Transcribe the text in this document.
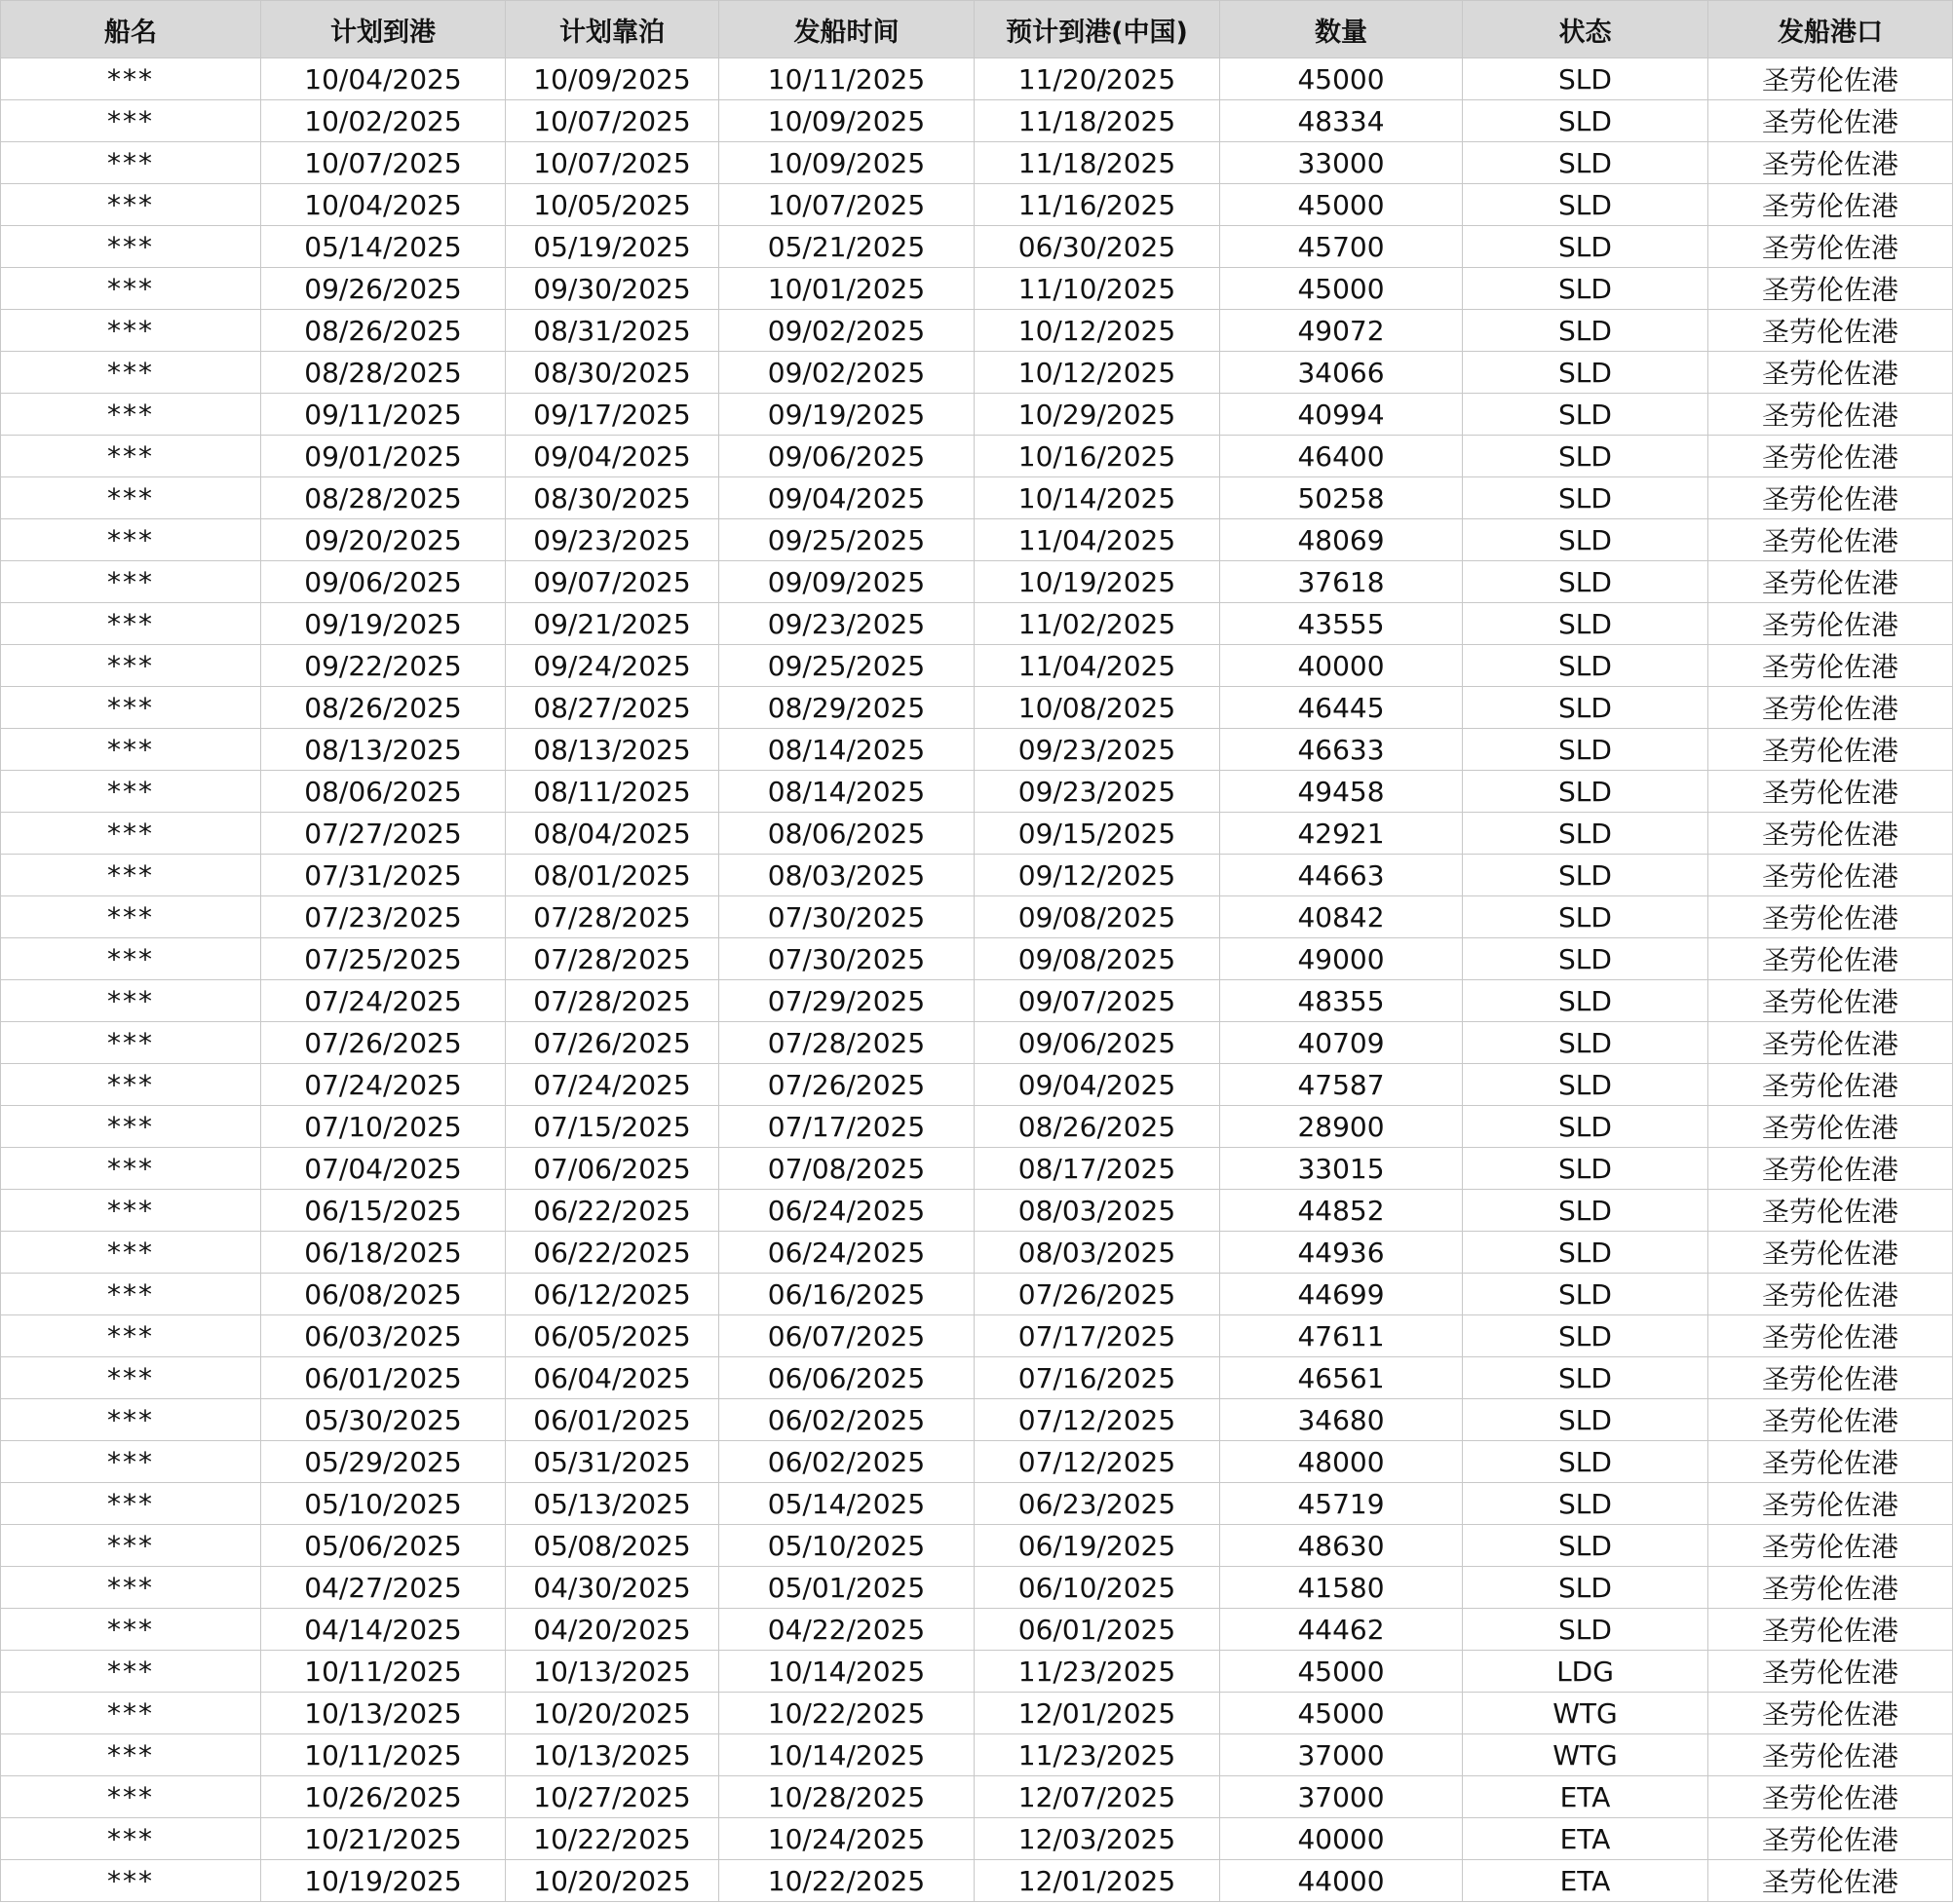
船名	计划到港	计划靠泊	发船时间	预计到港(中国)	数量	状态	发船港口
***	10/04/2025	10/09/2025	10/11/2025	11/20/2025	45000	SLD	圣劳伦佐港
***	10/02/2025	10/07/2025	10/09/2025	11/18/2025	48334	SLD	圣劳伦佐港
***	10/07/2025	10/07/2025	10/09/2025	11/18/2025	33000	SLD	圣劳伦佐港
***	10/04/2025	10/05/2025	10/07/2025	11/16/2025	45000	SLD	圣劳伦佐港
***	05/14/2025	05/19/2025	05/21/2025	06/30/2025	45700	SLD	圣劳伦佐港
***	09/26/2025	09/30/2025	10/01/2025	11/10/2025	45000	SLD	圣劳伦佐港
***	08/26/2025	08/31/2025	09/02/2025	10/12/2025	49072	SLD	圣劳伦佐港
***	08/28/2025	08/30/2025	09/02/2025	10/12/2025	34066	SLD	圣劳伦佐港
***	09/11/2025	09/17/2025	09/19/2025	10/29/2025	40994	SLD	圣劳伦佐港
***	09/01/2025	09/04/2025	09/06/2025	10/16/2025	46400	SLD	圣劳伦佐港
***	08/28/2025	08/30/2025	09/04/2025	10/14/2025	50258	SLD	圣劳伦佐港
***	09/20/2025	09/23/2025	09/25/2025	11/04/2025	48069	SLD	圣劳伦佐港
***	09/06/2025	09/07/2025	09/09/2025	10/19/2025	37618	SLD	圣劳伦佐港
***	09/19/2025	09/21/2025	09/23/2025	11/02/2025	43555	SLD	圣劳伦佐港
***	09/22/2025	09/24/2025	09/25/2025	11/04/2025	40000	SLD	圣劳伦佐港
***	08/26/2025	08/27/2025	08/29/2025	10/08/2025	46445	SLD	圣劳伦佐港
***	08/13/2025	08/13/2025	08/14/2025	09/23/2025	46633	SLD	圣劳伦佐港
***	08/06/2025	08/11/2025	08/14/2025	09/23/2025	49458	SLD	圣劳伦佐港
***	07/27/2025	08/04/2025	08/06/2025	09/15/2025	42921	SLD	圣劳伦佐港
***	07/31/2025	08/01/2025	08/03/2025	09/12/2025	44663	SLD	圣劳伦佐港
***	07/23/2025	07/28/2025	07/30/2025	09/08/2025	40842	SLD	圣劳伦佐港
***	07/25/2025	07/28/2025	07/30/2025	09/08/2025	49000	SLD	圣劳伦佐港
***	07/24/2025	07/28/2025	07/29/2025	09/07/2025	48355	SLD	圣劳伦佐港
***	07/26/2025	07/26/2025	07/28/2025	09/06/2025	40709	SLD	圣劳伦佐港
***	07/24/2025	07/24/2025	07/26/2025	09/04/2025	47587	SLD	圣劳伦佐港
***	07/10/2025	07/15/2025	07/17/2025	08/26/2025	28900	SLD	圣劳伦佐港
***	07/04/2025	07/06/2025	07/08/2025	08/17/2025	33015	SLD	圣劳伦佐港
***	06/15/2025	06/22/2025	06/24/2025	08/03/2025	44852	SLD	圣劳伦佐港
***	06/18/2025	06/22/2025	06/24/2025	08/03/2025	44936	SLD	圣劳伦佐港
***	06/08/2025	06/12/2025	06/16/2025	07/26/2025	44699	SLD	圣劳伦佐港
***	06/03/2025	06/05/2025	06/07/2025	07/17/2025	47611	SLD	圣劳伦佐港
***	06/01/2025	06/04/2025	06/06/2025	07/16/2025	46561	SLD	圣劳伦佐港
***	05/30/2025	06/01/2025	06/02/2025	07/12/2025	34680	SLD	圣劳伦佐港
***	05/29/2025	05/31/2025	06/02/2025	07/12/2025	48000	SLD	圣劳伦佐港
***	05/10/2025	05/13/2025	05/14/2025	06/23/2025	45719	SLD	圣劳伦佐港
***	05/06/2025	05/08/2025	05/10/2025	06/19/2025	48630	SLD	圣劳伦佐港
***	04/27/2025	04/30/2025	05/01/2025	06/10/2025	41580	SLD	圣劳伦佐港
***	04/14/2025	04/20/2025	04/22/2025	06/01/2025	44462	SLD	圣劳伦佐港
***	10/11/2025	10/13/2025	10/14/2025	11/23/2025	45000	LDG	圣劳伦佐港
***	10/13/2025	10/20/2025	10/22/2025	12/01/2025	45000	WTG	圣劳伦佐港
***	10/11/2025	10/13/2025	10/14/2025	11/23/2025	37000	WTG	圣劳伦佐港
***	10/26/2025	10/27/2025	10/28/2025	12/07/2025	37000	ETA	圣劳伦佐港
***	10/21/2025	10/22/2025	10/24/2025	12/03/2025	40000	ETA	圣劳伦佐港
***	10/19/2025	10/20/2025	10/22/2025	12/01/2025	44000	ETA	圣劳伦佐港
